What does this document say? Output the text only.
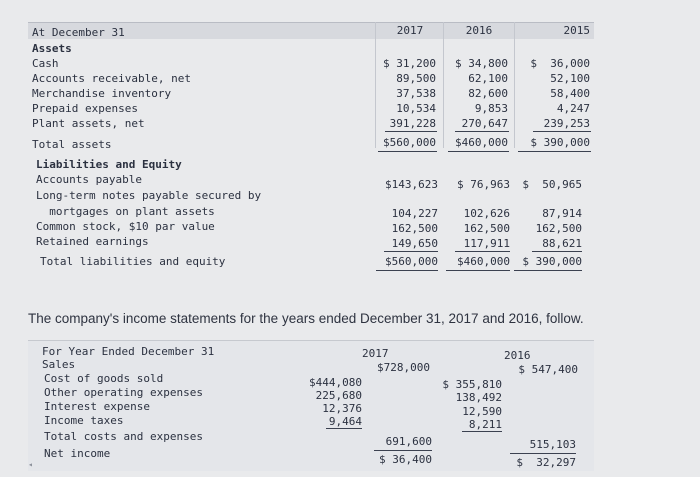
At December 31	2017	2016	2015
Assets
Cash	$ 31,200	$ 34,800	$  36,000
Accounts receivable, net	89,500	62,100	52,100
Merchandise inventory	37,538	82,600	58,400
Prepaid expenses	10,534	9,853	4,247
Plant assets, net	391,228	270,647	239,253
Total assets	$560,000	$460,000	$ 390,000
Liabilities and Equity
Accounts payable	$143,623	$ 76,963	$  50,965
Long-term notes payable secured by
mortgages on plant assets	104,227	102,626	87,914
Common stock, $10 par value	162,500	162,500	162,500
Retained earnings	149,650	117,911	88,621
Total liabilities and equity	$560,000	$460,000	$ 390,000
The company's income statements for the years ended December 31, 2017 and 2016, follow.
For Year Ended December 31	2017	2016
Sales	$728,000	$ 547,400
Cost of goods sold	$444,080	$ 355,810
Other operating expenses	225,680	138,492
Interest expense	12,376	12,590
Income taxes	9,464	8,211
Total costs and expenses	691,600	515,103
Net income	$ 36,400	$  32,297
◂
